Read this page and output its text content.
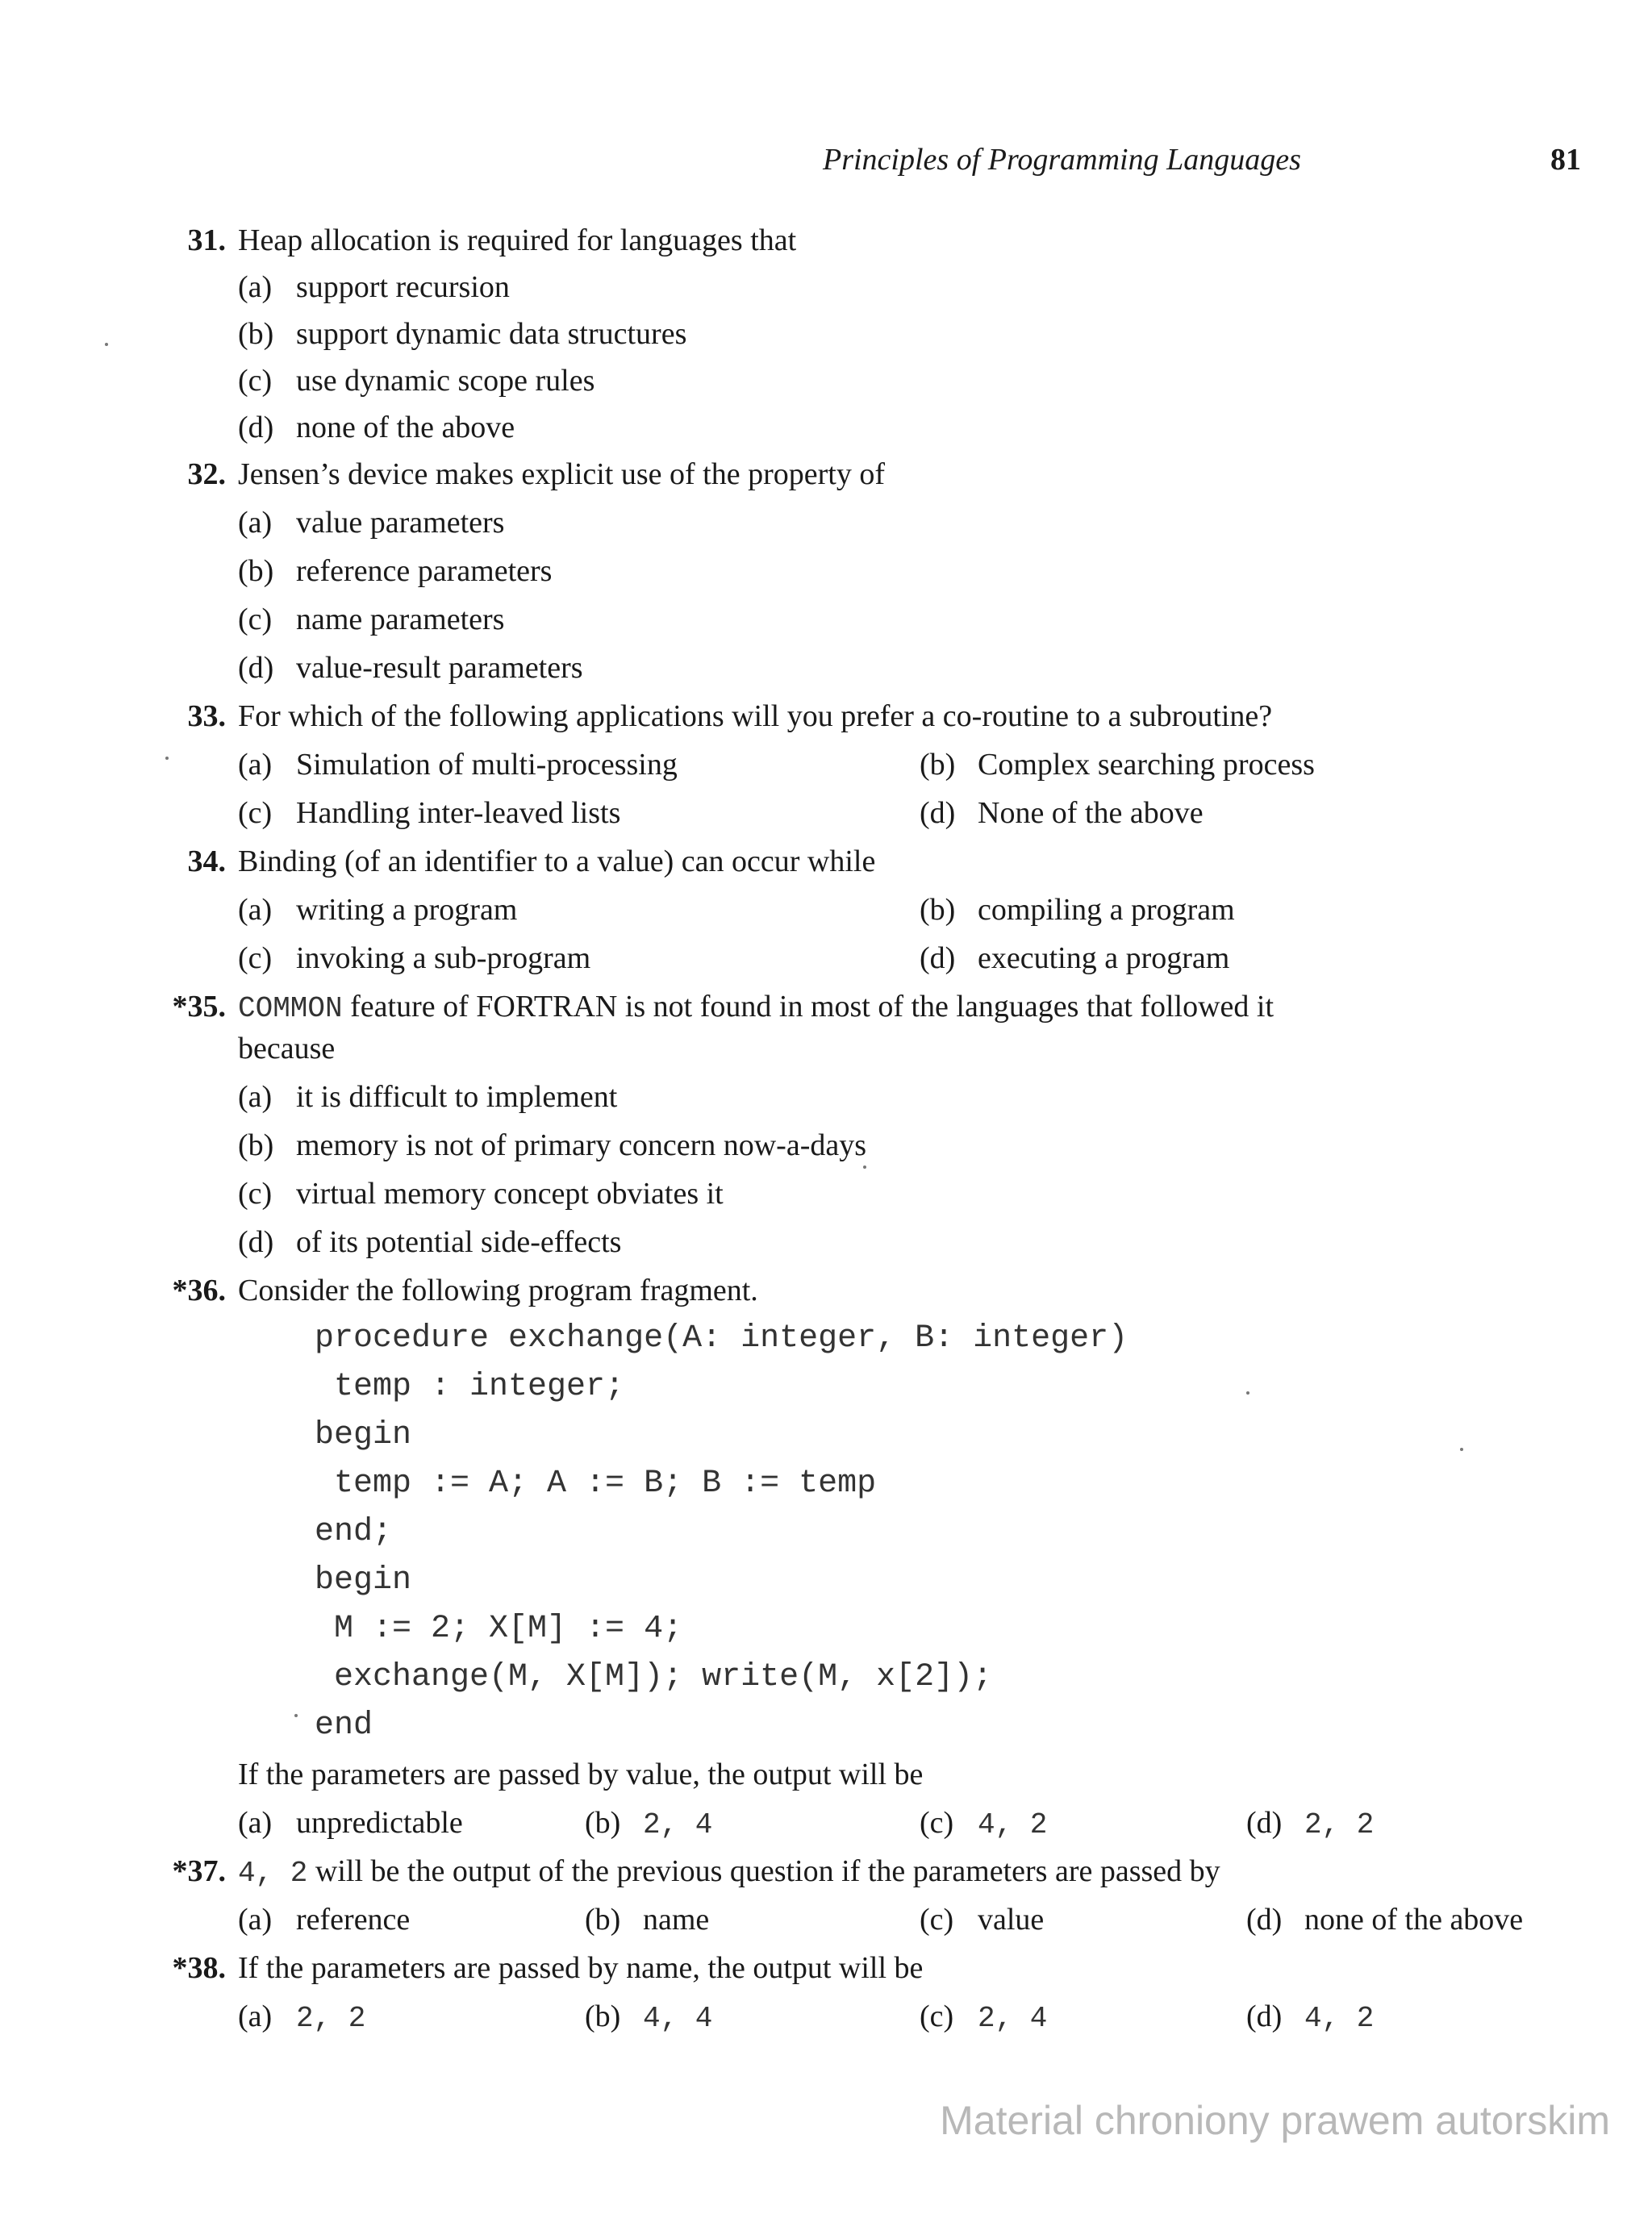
Principles of Programming Languages	81
31. Heap allocation is required for languages that
(a) support recursion
(b) support dynamic data structures
(c) use dynamic scope rules
(d) none of the above
32. Jensen’s device makes explicit use of the property of
(a) value parameters
(b) reference parameters
(c) name parameters
(d) value-result parameters
33. For which of the following applications will you prefer a co-routine to a subroutine?
(a) Simulation of multi-processing	(b) Complex searching process
(c) Handling inter-leaved lists	(d) None of the above
34. Binding (of an identifier to a value) can occur while
(a) writing a program	(b) compiling a program
(c) invoking a sub-program	(d) executing a program
*35. COMMON feature of FORTRAN is not found in most of the languages that followed it
because
(a) it is difficult to implement
(b) memory is not of primary concern now-a-days
(c) virtual memory concept obviates it
(d) of its potential side-effects
*36. Consider the following program fragment.
procedure exchange(A: integer, B: integer)
temp : integer;
begin
temp := A; A := B; B := temp
end;
begin
M := 2; X[M] := 4;
exchange(M, X[M]); write(M, x[2]);
end
If the parameters are passed by value, the output will be
(a) unpredictable	(b) 2, 4	(c) 4, 2	(d) 2, 2
*37. 4, 2 will be the output of the previous question if the parameters are passed by
(a) reference	(b) name	(c) value	(d) none of the above
*38. If the parameters are passed by name, the output will be
(a) 2, 2	(b) 4, 4	(c) 2, 4	(d) 4, 2
Material chroniony prawem autorskim
